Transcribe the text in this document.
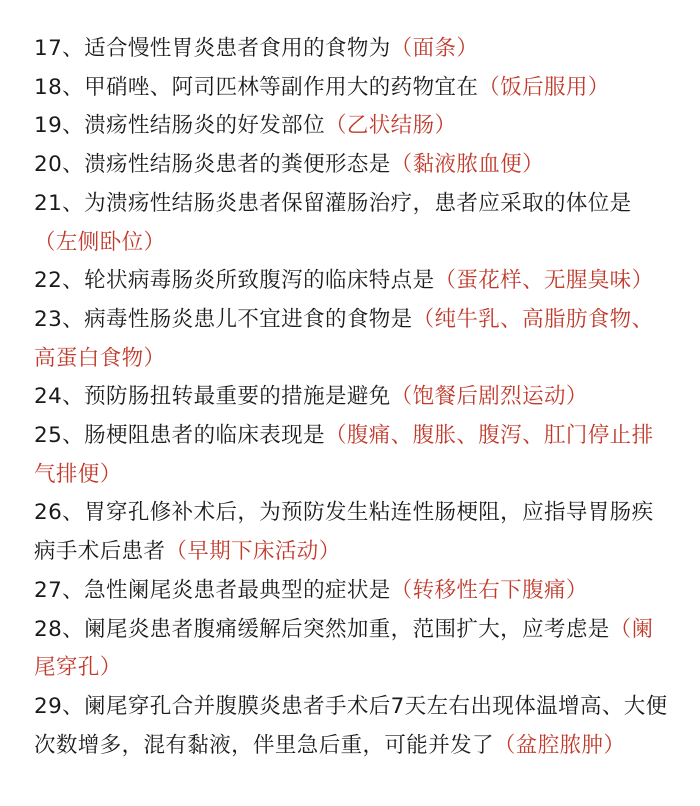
17、适合慢性胃炎患者食用的食物为（面条）

18、甲硝唑、阿司匹林等副作用大的药物宜在（饭后服用）

19、溃疡性结肠炎的好发部位（乙状结肠）

20、溃疡性结肠炎患者的粪便形态是（黏液脓血便）

21、为溃疡性结肠炎患者保留灌肠治疗，患者应采取的体位是（左侧卧位）

22、轮状病毒肠炎所致腹泻的临床特点是（蛋花样、无腥臭味）

23、病毒性肠炎患儿不宜进食的食物是（纯牛乳、高脂肪食物、高蛋白食物）

24、预防肠扭转最重要的措施是避免（饱餐后剧烈运动）

25、肠梗阻患者的临床表现是（腹痛、腹胀、腹泻、肛门停止排气排便）

26、胃穿孔修补术后，为预防发生粘连性肠梗阻，应指导胃肠疾病手术后患者（早期下床活动）

27、急性阑尾炎患者最典型的症状是（转移性右下腹痛）

28、阑尾炎患者腹痛缓解后突然加重，范围扩大，应考虑是（阑尾穿孔）

29、阑尾穿孔合并腹膜炎患者手术后7天左右出现体温增高、大便次数增多，混有黏液，伴里急后重，可能并发了（盆腔脓肿）
